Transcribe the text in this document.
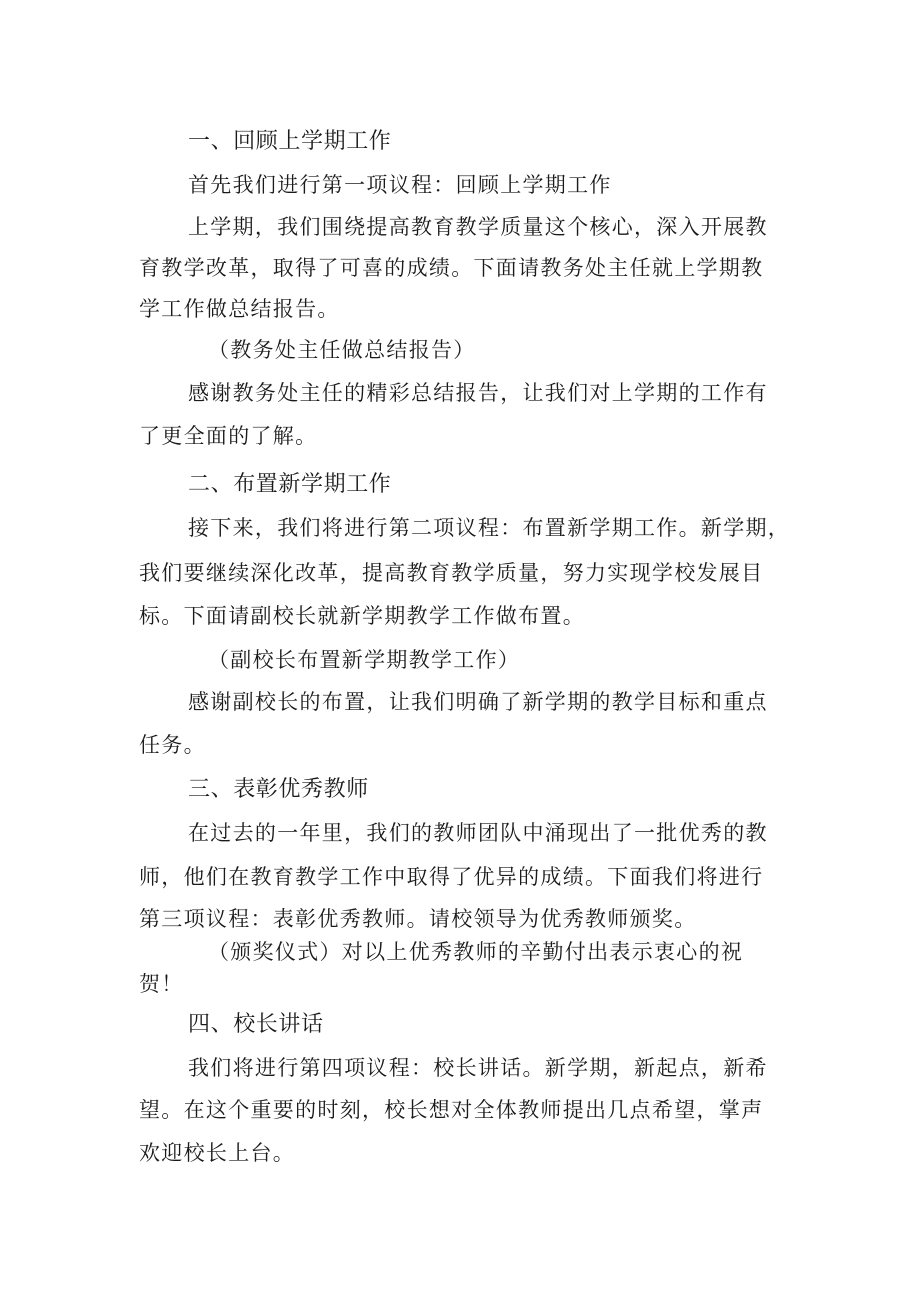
一、回顾上学期工作
首先我们进行第一项议程：回顾上学期工作
上学期，我们围绕提高教育教学质量这个核心，深入开展教
育教学改革，取得了可喜的成绩。下面请教务处主任就上学期教
学工作做总结报告。
（教务处主任做总结报告）
感谢教务处主任的精彩总结报告，让我们对上学期的工作有
了更全面的了解。
二、布置新学期工作
接下来，我们将进行第二项议程：布置新学期工作。新学期，
我们要继续深化改革，提高教育教学质量，努力实现学校发展目
标。下面请副校长就新学期教学工作做布置。
（副校长布置新学期教学工作）
感谢副校长的布置，让我们明确了新学期的教学目标和重点
任务。
三、表彰优秀教师
在过去的一年里，我们的教师团队中涌现出了一批优秀的教
师，他们在教育教学工作中取得了优异的成绩。下面我们将进行
第三项议程：表彰优秀教师。请校领导为优秀教师颁奖。
（颁奖仪式）对以上优秀教师的辛勤付出表示衷心的祝
贺！
四、校长讲话
我们将进行第四项议程：校长讲话。新学期，新起点，新希
望。在这个重要的时刻，校长想对全体教师提出几点希望，掌声
欢迎校长上台。
